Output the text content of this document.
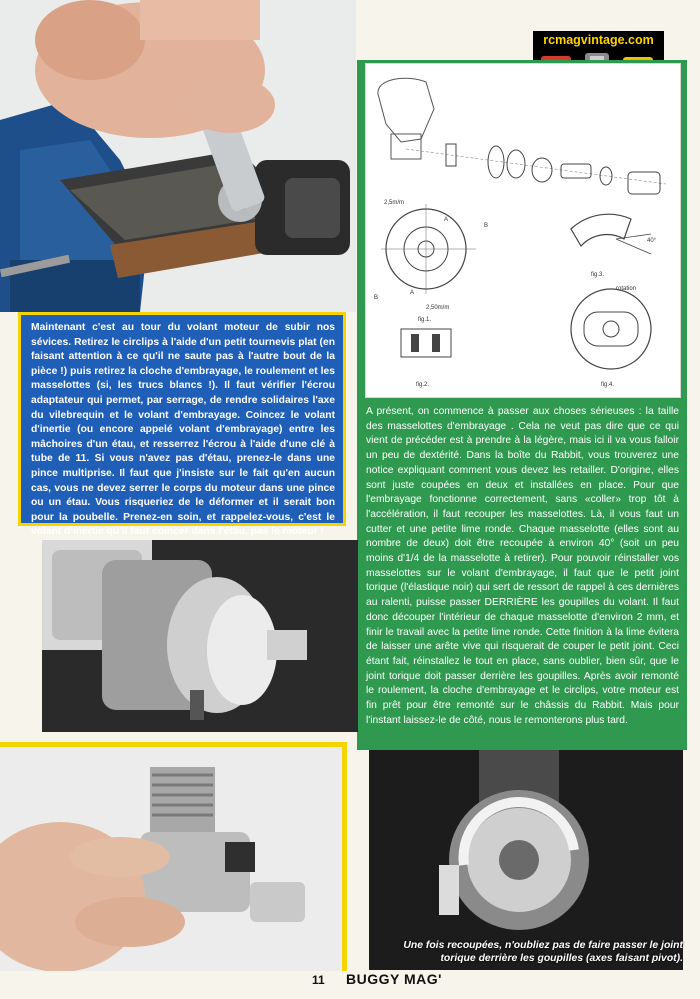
rcmagvintage.com
2,5m/m
B
A
A
B
2,50m/m
fig.1.
fig.2.
40°
fig.3.
rotation
fig.4.
Maintenant c'est au tour du volant moteur de subir nos sévices. Retirez le circlips à l'aide d'un petit tournevis plat (en faisant attention à ce qu'il ne saute pas à l'autre bout de la pièce !) puis retirez la cloche d'embrayage, le roulement et les masselottes (si, les trucs blancs !). Il faut vérifier l'écrou adaptateur qui permet, par serrage, de rendre solidaires l'axe du vilebrequin et le volant d'embrayage. Coincez le volant d'inertie (ou encore appelé volant d'embrayage) entre les mâchoires d'un étau, et resserrez l'écrou à l'aide d'une clé à tube de 11. Si vous n'avez pas d'étau, prenez-le dans une pince multiprise. Il faut que j'insiste sur le fait qu'en aucun cas, vous ne devez serrer le corps du moteur dans une pince ou un étau. Vous risqueriez de le déformer et il serait bon pour la poubelle. Prenez-en soin, et rappelez-vous, c'est le volant d'inertie qu'il faut coincer dans l'étau, pas le moteur !
A présent, on commence à passer aux choses sérieuses : la taille des masselottes d'embrayage . Cela ne veut pas dire que ce qui vient de précéder est à prendre à la légère, mais ici il va vous falloir un peu de dextérité. Dans la boîte du Rabbit, vous trouverez une notice expliquant comment vous devez les retailler. D'origine, elles sont juste coupées en deux et installées en place. Pour que l'embrayage fonctionne correctement, sans «coller» trop tôt à l'accélération, il faut recouper les masselottes. Là, il vous faut un cutter et une petite lime ronde. Chaque masselotte (elles sont au nombre de deux) doit être recoupée à environ 40° (soit un peu moins d'1/4 de la masselotte à retirer). Pour pouvoir réinstaller vos masselottes sur le volant d'embrayage, il faut que le petit joint torique (l'élastique noir) qui sert de ressort de rappel à ces dernières au ralenti, puisse passer DERRIÈRE les goupilles du volant. Il faut donc découper l'intérieur de chaque masselotte d'environ 2 mm, et finir le travail avec la petite lime ronde. Cette finition à la lime évitera de laisser une arête vive qui risquerait de couper le petit joint. Ceci étant fait, réinstallez le tout en place, sans oublier, bien sûr, que le joint torique doit passer derrière les goupilles. Après avoir remonté le roulement, la cloche d'embrayage et le circlips, votre moteur est fin prêt pour être remonté sur le châssis du Rabbit. Mais pour l'instant laissez-le de côté, nous le remonterons plus tard.
Une fois recoupées, n'oubliez pas de faire passer le joint torique derrière les goupilles (axes faisant pivot).
11 BUGGY MAG'
